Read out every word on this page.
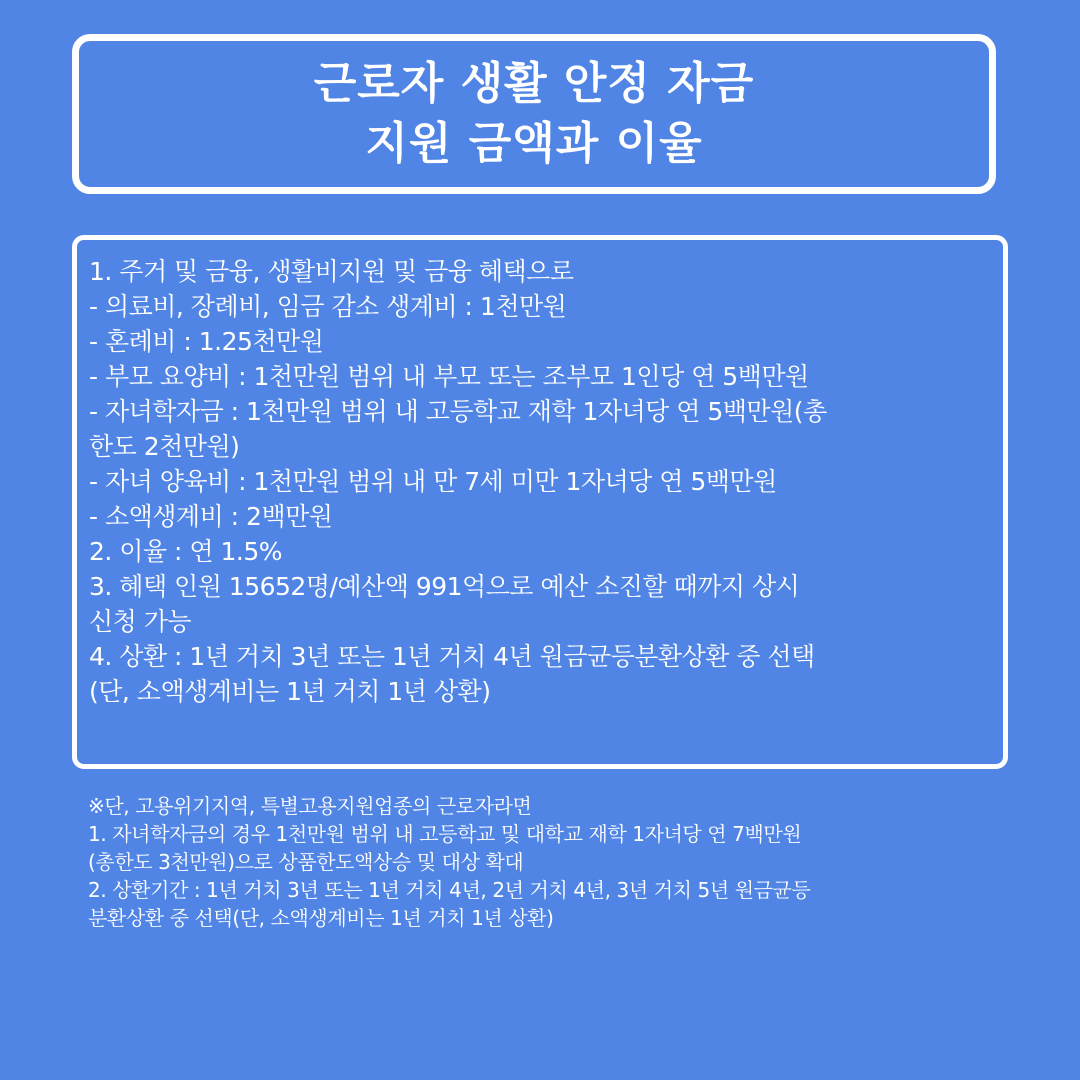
근로자 생활 안정 자금
지원 금액과 이율
1. 주거 및 금융, 생활비지원 및 금융 혜택으로
- 의료비, 장례비, 임금 감소 생계비 : 1천만원
- 혼례비 : 1.25천만원
- 부모 요양비 : 1천만원 범위 내 부모 또는 조부모 1인당 연 5백만원
- 자녀학자금 : 1천만원 범위 내 고등학교 재학 1자녀당 연 5백만원(총
한도 2천만원)
- 자녀 양육비 : 1천만원 범위 내 만 7세 미만 1자녀당 연 5백만원
- 소액생계비 : 2백만원
2. 이율 : 연 1.5%
3. 혜택 인원 15652명/예산액 991억으로 예산 소진할 때까지 상시
신청 가능
4. 상환 : 1년 거치 3년 또는 1년 거치 4년 원금균등분환상환 중 선택
(단, 소액생계비는 1년 거치 1년 상환)
※단, 고용위기지역, 특별고용지원업종의 근로자라면
1. 자녀학자금의 경우 1천만원 범위 내 고등학교 및 대학교 재학 1자녀당 연 7백만원
(총한도 3천만원)으로 상품한도액상승 및 대상 확대
2. 상환기간 : 1년 거치 3년 또는 1년 거치 4년, 2년 거치 4년, 3년 거치 5년 원금균등
분환상환 중 선택(단, 소액생계비는 1년 거치 1년 상환)
